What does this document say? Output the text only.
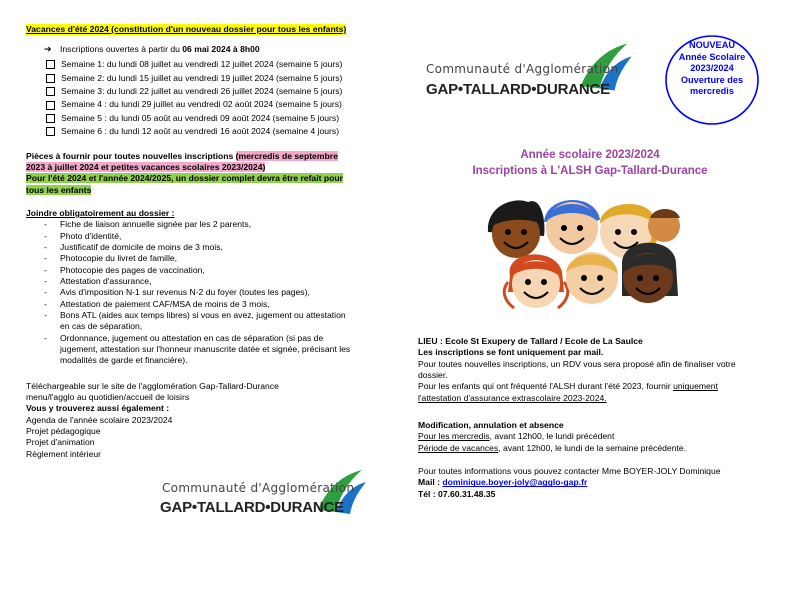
Vacances d'été 2024 (constitution d'un nouveau dossier pour tous les enfants)
➔ Inscriptions ouvertes à partir du 06 mai 2024 à 8h00
Semaine 1: du lundi 08 juillet au vendredi 12 juillet 2024 (semaine 5 jours)
Semaine 2: du lundi 15 juillet au vendredi 19 juillet 2024 (semaine 5 jours)
Semaine 3: du lundi 22 juillet au vendredi 26 juillet 2024 (semaine 5 jours)
Semaine 4 : du lundi 29 juillet au vendredi 02 août 2024 (semaine 5 jours)
Semaine 5 : du lundi 05 août au vendredi 09 août 2024 (semaine 5 jours)
Semaine 6 : du lundi 12 août au vendredi 16 août 2024 (semaine 4 jours)
Pièces à fournir pour toutes nouvelles inscriptions (mercredis de septembre
2023 à juillet 2024 et petites vacances scolaires 2023/2024)
Pour l'été 2024 et l'année 2024/2025, un dossier complet devra être refait pour
tous les enfants
Joindre obligatoirement au dossier :
-	Fiche de liaison annuelle signée par les 2 parents,
-	Photo d'identité,
-	Justificatif de domicile de moins de 3 mois,
-	Photocopie du livret de famille,
-	Photocopie des pages de vaccination,
-	Attestation d'assurance,
-	Avis d'imposition N-1 sur revenus N-2 du foyer (toutes les pages),
-	Attestation de paiement CAF/MSA de moins de 3 mois,
-	Bons ATL (aides aux temps libres) si vous en avez, jugement ou attestation
en cas de séparation,
-	Ordonnance, jugement ou attestation en cas de séparation (si pas de
jugement, attestation sur l'honneur manuscrite datée et signée, précisant les
modalités de garde et financière).
Téléchargeable sur le site de l'agglomération Gap-Tallard-Durance
menu/l'agglo au quotidien/accueil de loisirs
Vous y trouverez aussi également :
Agenda de l'année scolaire 2023/2024
Projet pédagogique
Projet d'animation
Règlement intérieur
Communauté d'Agglomération
GAP•TALLARD•DURANCE
Communauté d'Agglomération
GAP•TALLARD•DURANCE
NOUVEAU
Année Scolaire
2023/2024
Ouverture des
mercredis
Année scolaire 2023/2024
Inscriptions à L'ALSH Gap-Tallard-Durance
LIEU : Ecole St Exupery de Tallard / Ecole de La Saulce
Les inscriptions se font uniquement par mail.
Pour toutes nouvelles inscriptions, un RDV vous sera proposé afin de finaliser votre
dossier.
Pour les enfants qui ont fréquenté l'ALSH durant l'été 2023, fournir uniquement
l'attestation d'assurance extrascolaire 2023-2024.
Modification, annulation et absence
Pour les mercredis, avant 12h00, le lundi précédent
Période de vacances, avant 12h00, le lundi de la semaine précédente.
Pour toutes informations vous pouvez contacter Mme BOYER-JOLY Dominique
Mail : dominique.boyer-joly@agglo-gap.fr
Tél : 07.60.31.48.35
